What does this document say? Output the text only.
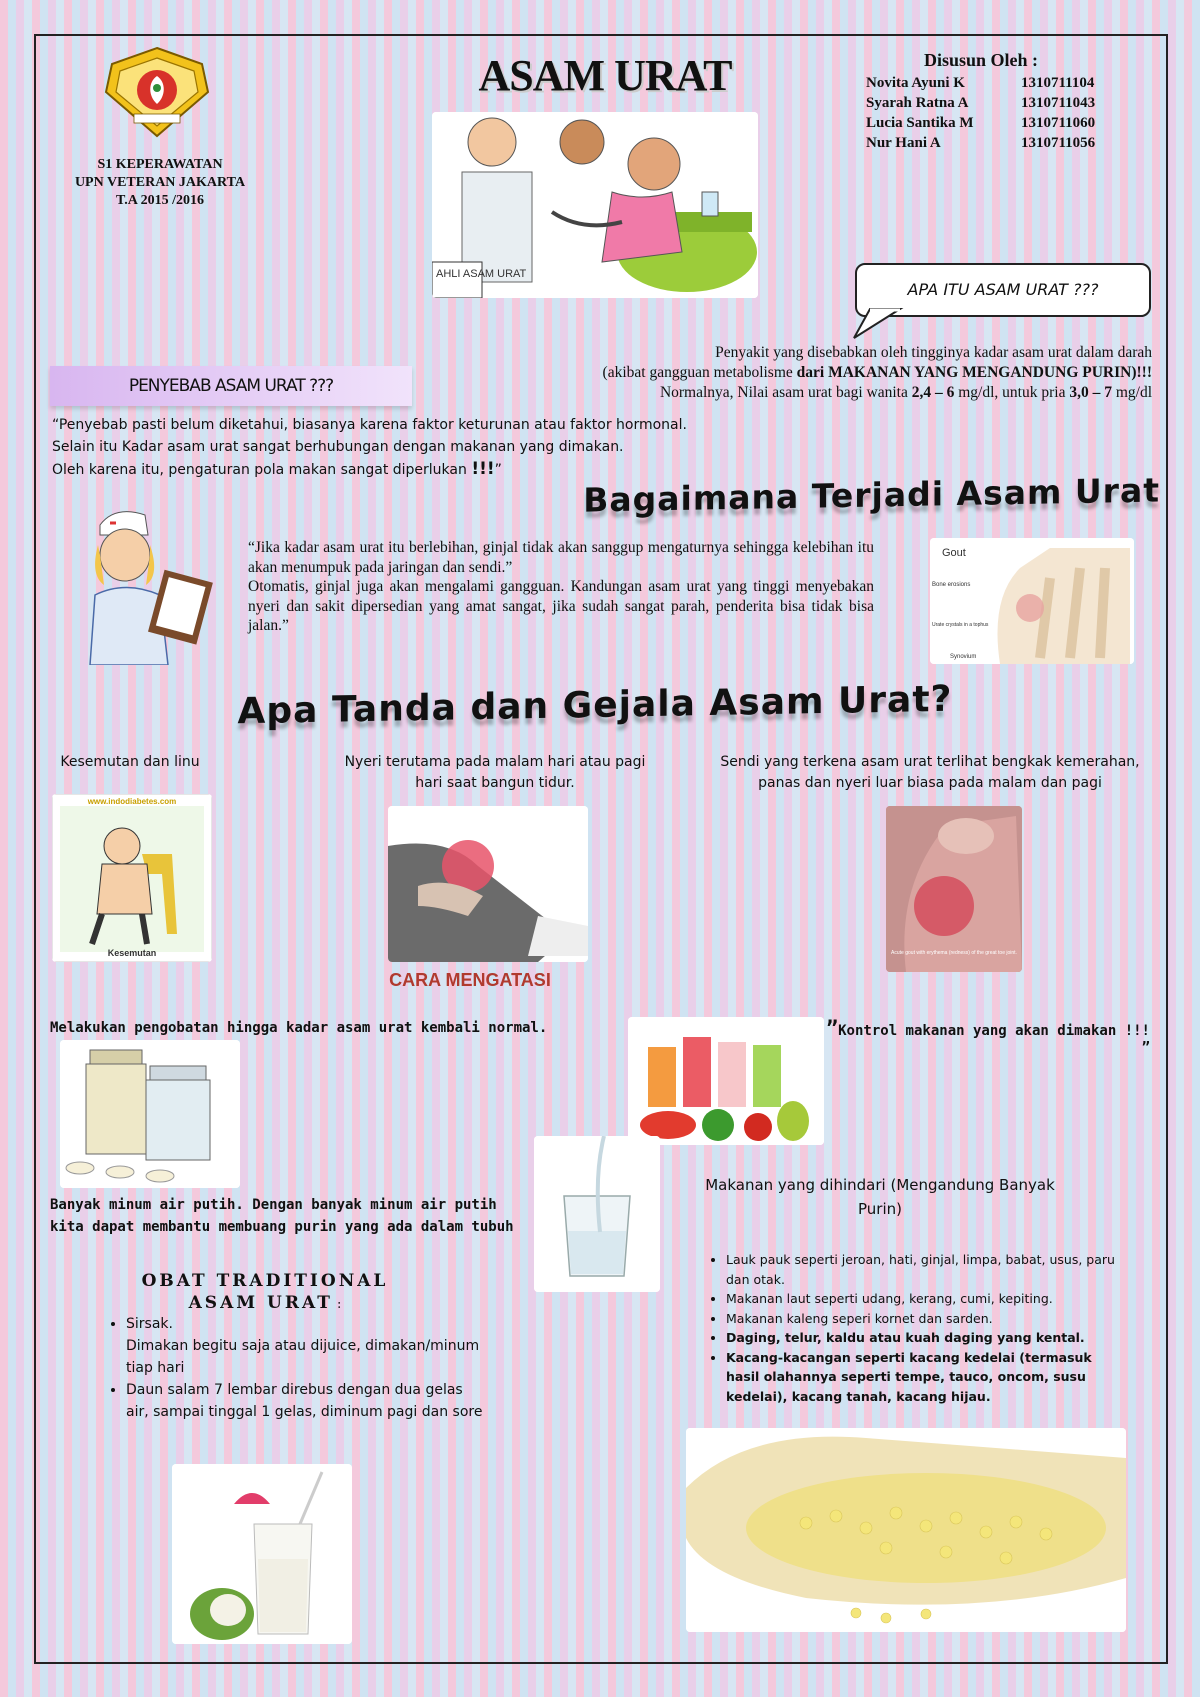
S1 KEPERAWATAN
UPN VETERAN JAKARTA
T.A 2015 /2016
ASAM URAT
AHLI ASAM URAT
Disusun Oleh :
Novita Ayuni K	1310711104
Syarah Ratna A	1310711043
Lucia Santika M	1310711060
Nur Hani A	1310711056
APA ITU ASAM URAT ???
Penyakit yang disebabkan oleh tingginya kadar asam urat dalam darah
(akibat gangguan metabolisme dari MAKANAN YANG MENGANDUNG PURIN)!!!
Normalnya, Nilai asam urat bagi wanita 2,4 – 6 mg/dl, untuk pria 3,0 – 7 mg/dl
PENYEBAB ASAM URAT ???
“Penyebab pasti belum diketahui, biasanya karena faktor keturunan atau faktor hormonal.
Selain itu Kadar asam urat sangat berhubungan dengan makanan yang dimakan.
Oleh karena itu, pengaturan pola makan sangat diperlukan !!!”
Bagaimana Terjadi Asam Urat
“Jika kadar asam urat itu berlebihan, ginjal tidak akan sanggup mengaturnya sehingga kelebihan itu akan menumpuk pada jaringan dan sendi.”
Otomatis, ginjal juga akan mengalami gangguan. Kandungan asam urat yang tinggi menyebakan nyeri dan sakit dipersedian yang amat sangat, jika sudah sangat parah, penderita bisa tidak bisa jalan.”
Gout
Bone erosions
Urate crystals in a tophus
Synovium
Apa Tanda dan Gejala Asam Urat?
Kesemutan dan linu	Nyeri terutama pada malam hari atau pagi hari saat bangun tidur.
Sendi yang terkena asam urat terlihat bengkak kemerahan, panas dan nyeri luar biasa pada malam dan pagi
www.indodiabetes.com
Kesemutan	Acute gout with erythema (redness) of the great toe joint.
CARA MENGATASI
Melakukan pengobatan hingga kadar asam urat kembali normal.	”Kontrol makanan yang akan dimakan !!! ”
Banyak minum air putih. Dengan banyak minum air putih kita dapat membantu membuang purin yang ada dalam tubuh
Makanan yang dihindari (Mengandung Banyak Purin)
• Lauk pauk seperti jeroan, hati, ginjal, limpa, babat, usus, paru dan otak.
• Makanan laut seperti udang, kerang, cumi, kepiting.
• Makanan kaleng seperi kornet dan sarden.
• Daging, telur, kaldu atau kuah daging yang kental.
• Kacang-kacangan seperti kacang kedelai (termasuk hasil olahannya seperti tempe, tauco, oncom, susu kedelai), kacang tanah, kacang hijau.
OBAT TRADITIONAL
ASAM URAT :
• Sirsak.
Dimakan begitu saja atau dijuice, dimakan/minum tiap hari
• Daun salam 7 lembar direbus dengan dua gelas air, sampai tinggal 1 gelas, diminum pagi dan sore
